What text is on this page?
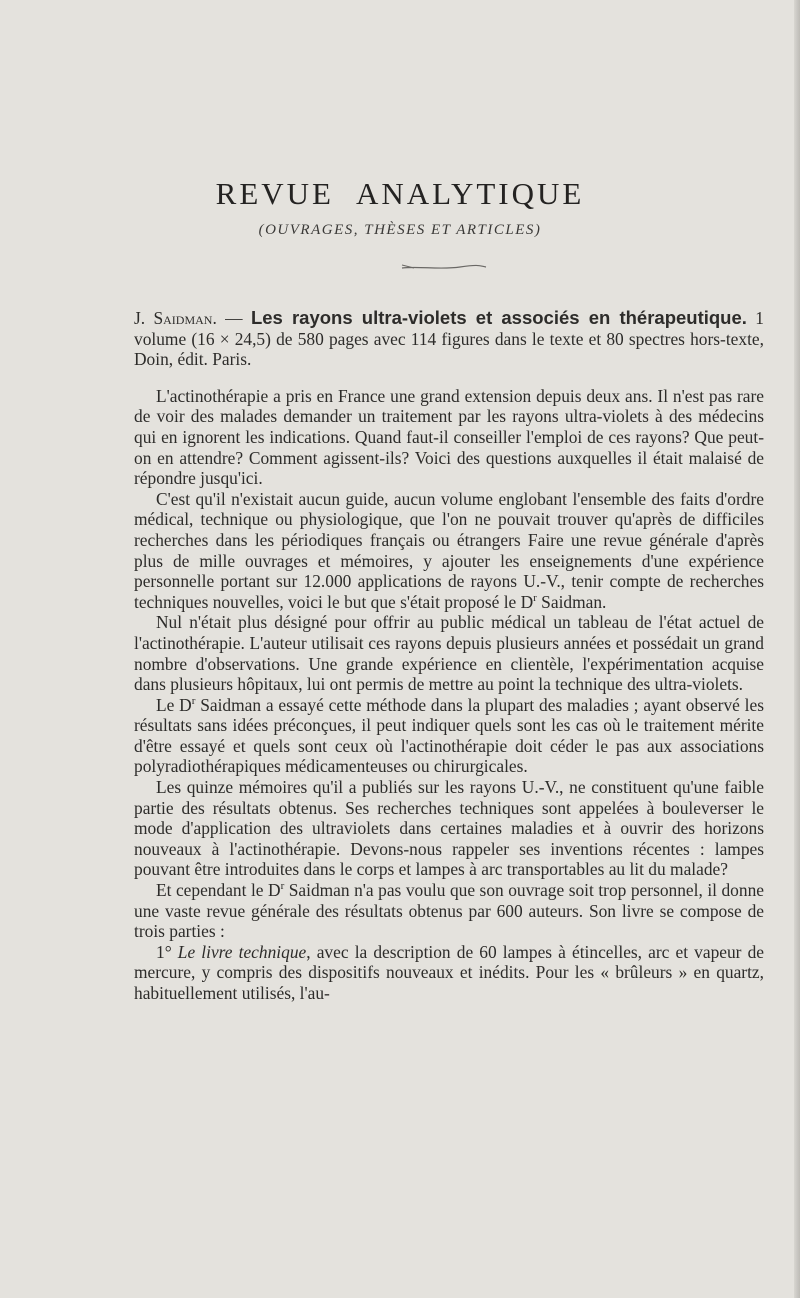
REVUE ANALYTIQUE
(OUVRAGES, THÈSES ET ARTICLES)

J. Saidman. — Les rayons ultra-violets et associés en thérapeutique. 1 volume (16 × 24,5) de 580 pages avec 114 figures dans le texte et 80 spectres hors-texte, Doin, édit. Paris.

L'actinothérapie a pris en France une grand extension depuis deux ans. Il n'est pas rare de voir des malades demander un traitement par les rayons ultra-violets à des médecins qui en ignorent les indications. Quand faut-il conseiller l'emploi de ces rayons? Que peut-on en attendre? Comment agissent-ils? Voici des questions auxquelles il était malaisé de répondre jusqu'ici.

C'est qu'il n'existait aucun guide, aucun volume englobant l'ensemble des faits d'ordre médical, technique ou physiologique, que l'on ne pouvait trouver qu'après de difficiles recherches dans les périodiques français ou étrangers Faire une revue générale d'après plus de mille ouvrages et mémoires, y ajouter les enseignements d'une expérience personnelle portant sur 12.000 applications de rayons U.-V., tenir compte de recherches techniques nouvelles, voici le but que s'était proposé le $D^r$ Saidman.

Nul n'était plus désigné pour offrir au public médical un tableau de l'état actuel de l'actinothérapie. L'auteur utilisait ces rayons depuis plusieurs années et possédait un grand nombre d'observations. Une grande expérience en clientèle, l'expérimentation acquise dans plusieurs hôpitaux, lui ont permis de mettre au point la technique des ultra-violets.

Le $D^r$ Saidman a essayé cette méthode dans la plupart des maladies ; ayant observé les résultats sans idées préconçues, il peut indiquer quels sont les cas où le traitement mérite d'être essayé et quels sont ceux où l'actinothérapie doit céder le pas aux associations polyradiothérapiques médicamenteuses ou chirurgicales.

Les quinze mémoires qu'il a publiés sur les rayons U.-V., ne constituent qu'une faible partie des résultats obtenus. Ses recherches techniques sont appelées à bouleverser le mode d'application des ultraviolets dans certaines maladies et à ouvrir des horizons nouveaux à l'actinothérapie. Devons-nous rappeler ses inventions récentes : lampes pouvant être introduites dans le corps et lampes à arc transportables au lit du malade?

Et cependant le $D^r$ Saidman n'a pas voulu que son ouvrage soit trop personnel, il donne une vaste revue générale des résultats obtenus par 600 auteurs. Son livre se compose de trois parties :

1° Le livre technique, avec la description de 60 lampes à étincelles, arc et vapeur de mercure, y compris des dispositifs nouveaux et inédits. Pour les « brûleurs » en quartz, habituellement utilisés, l'au-
